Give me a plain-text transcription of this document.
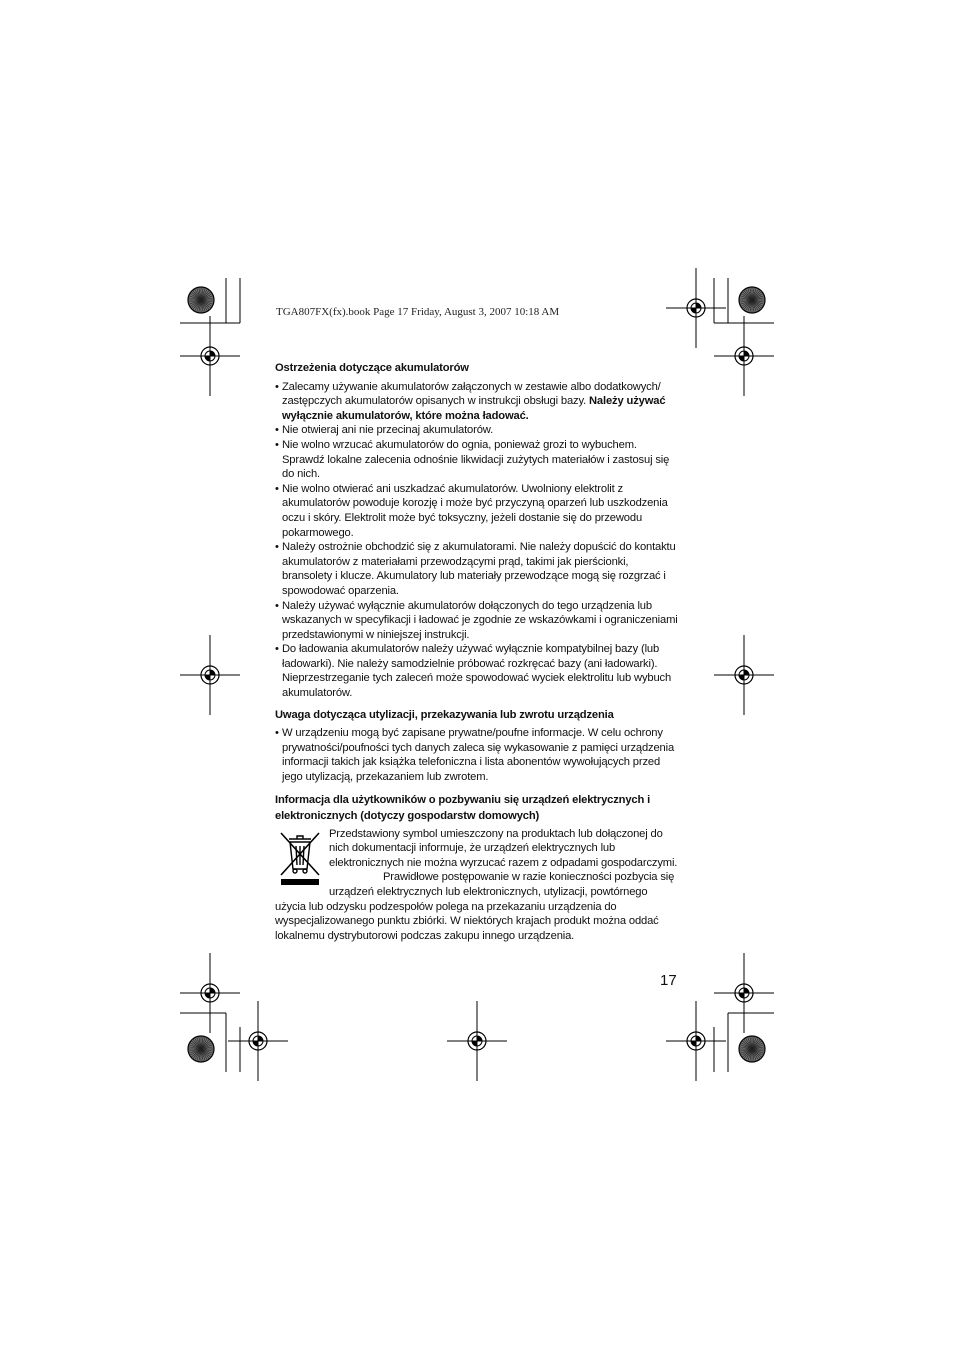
TGA807FX(fx).book Page 17 Friday, August 3, 2007 10:18 AM

Ostrzeżenia dotyczące akumulatorów

• Zalecamy używanie akumulatorów załączonych w zestawie albo dodatkowych/ zastępczych akumulatorów opisanych w instrukcji obsługi bazy. Należy używać wyłącznie akumulatorów, które można ładować.
• Nie otwieraj ani nie przecinaj akumulatorów.
• Nie wolno wrzucać akumulatorów do ognia, ponieważ grozi to wybuchem. Sprawdź lokalne zalecenia odnośnie likwidacji zużytych materiałów i zastosuj się do nich.
• Nie wolno otwierać ani uszkadzać akumulatorów. Uwolniony elektrolit z akumulatorów powoduje korozję i może być przyczyną oparzeń lub uszkodzenia oczu i skóry. Elektrolit może być toksyczny, jeżeli dostanie się do przewodu pokarmowego.
• Należy ostrożnie obchodzić się z akumulatorami. Nie należy dopuścić do kontaktu akumulatorów z materiałami przewodzącymi prąd, takimi jak pierścionki, bransolety i klucze. Akumulatory lub materiały przewodzące mogą się rozgrzać i spowodować oparzenia.
• Należy używać wyłącznie akumulatorów dołączonych do tego urządzenia lub wskazanych w specyfikacji i ładować je zgodnie ze wskazówkami i ograniczeniami przedstawionymi w niniejszej instrukcji.
• Do ładowania akumulatorów należy używać wyłącznie kompatybilnej bazy (lub ładowarki). Nie należy samodzielnie próbować rozkręcać bazy (ani ładowarki). Nieprzestrzeganie tych zaleceń może spowodować wyciek elektrolitu lub wybuch akumulatorów.

Uwaga dotycząca utylizacji, przekazywania lub zwrotu urządzenia

• W urządzeniu mogą być zapisane prywatne/poufne informacje. W celu ochrony prywatności/poufności tych danych zaleca się wykasowanie z pamięci urządzenia informacji takich jak książka telefoniczna i lista abonentów wywołujących przed jego utylizacją, przekazaniem lub zwrotem.

Informacja dla użytkowników o pozbywaniu się urządzeń elektrycznych i elektronicznych (dotyczy gospodarstw domowych)

Przedstawiony symbol umieszczony na produktach lub dołączonej do nich dokumentacji informuje, że urządzeń elektrycznych lub elektronicznych nie można wyrzucać razem z odpadami gospodarczymi.

Prawidłowe postępowanie w razie konieczności pozbycia się urządzeń elektrycznych lub elektronicznych, utylizacji, powtórnego użycia lub odzysku podzespołów polega na przekazaniu urządzenia do wyspecjalizowanego punktu zbiórki. W niektórych krajach produkt można oddać lokalnemu dystrybutorowi podczas zakupu innego urządzenia.

17
